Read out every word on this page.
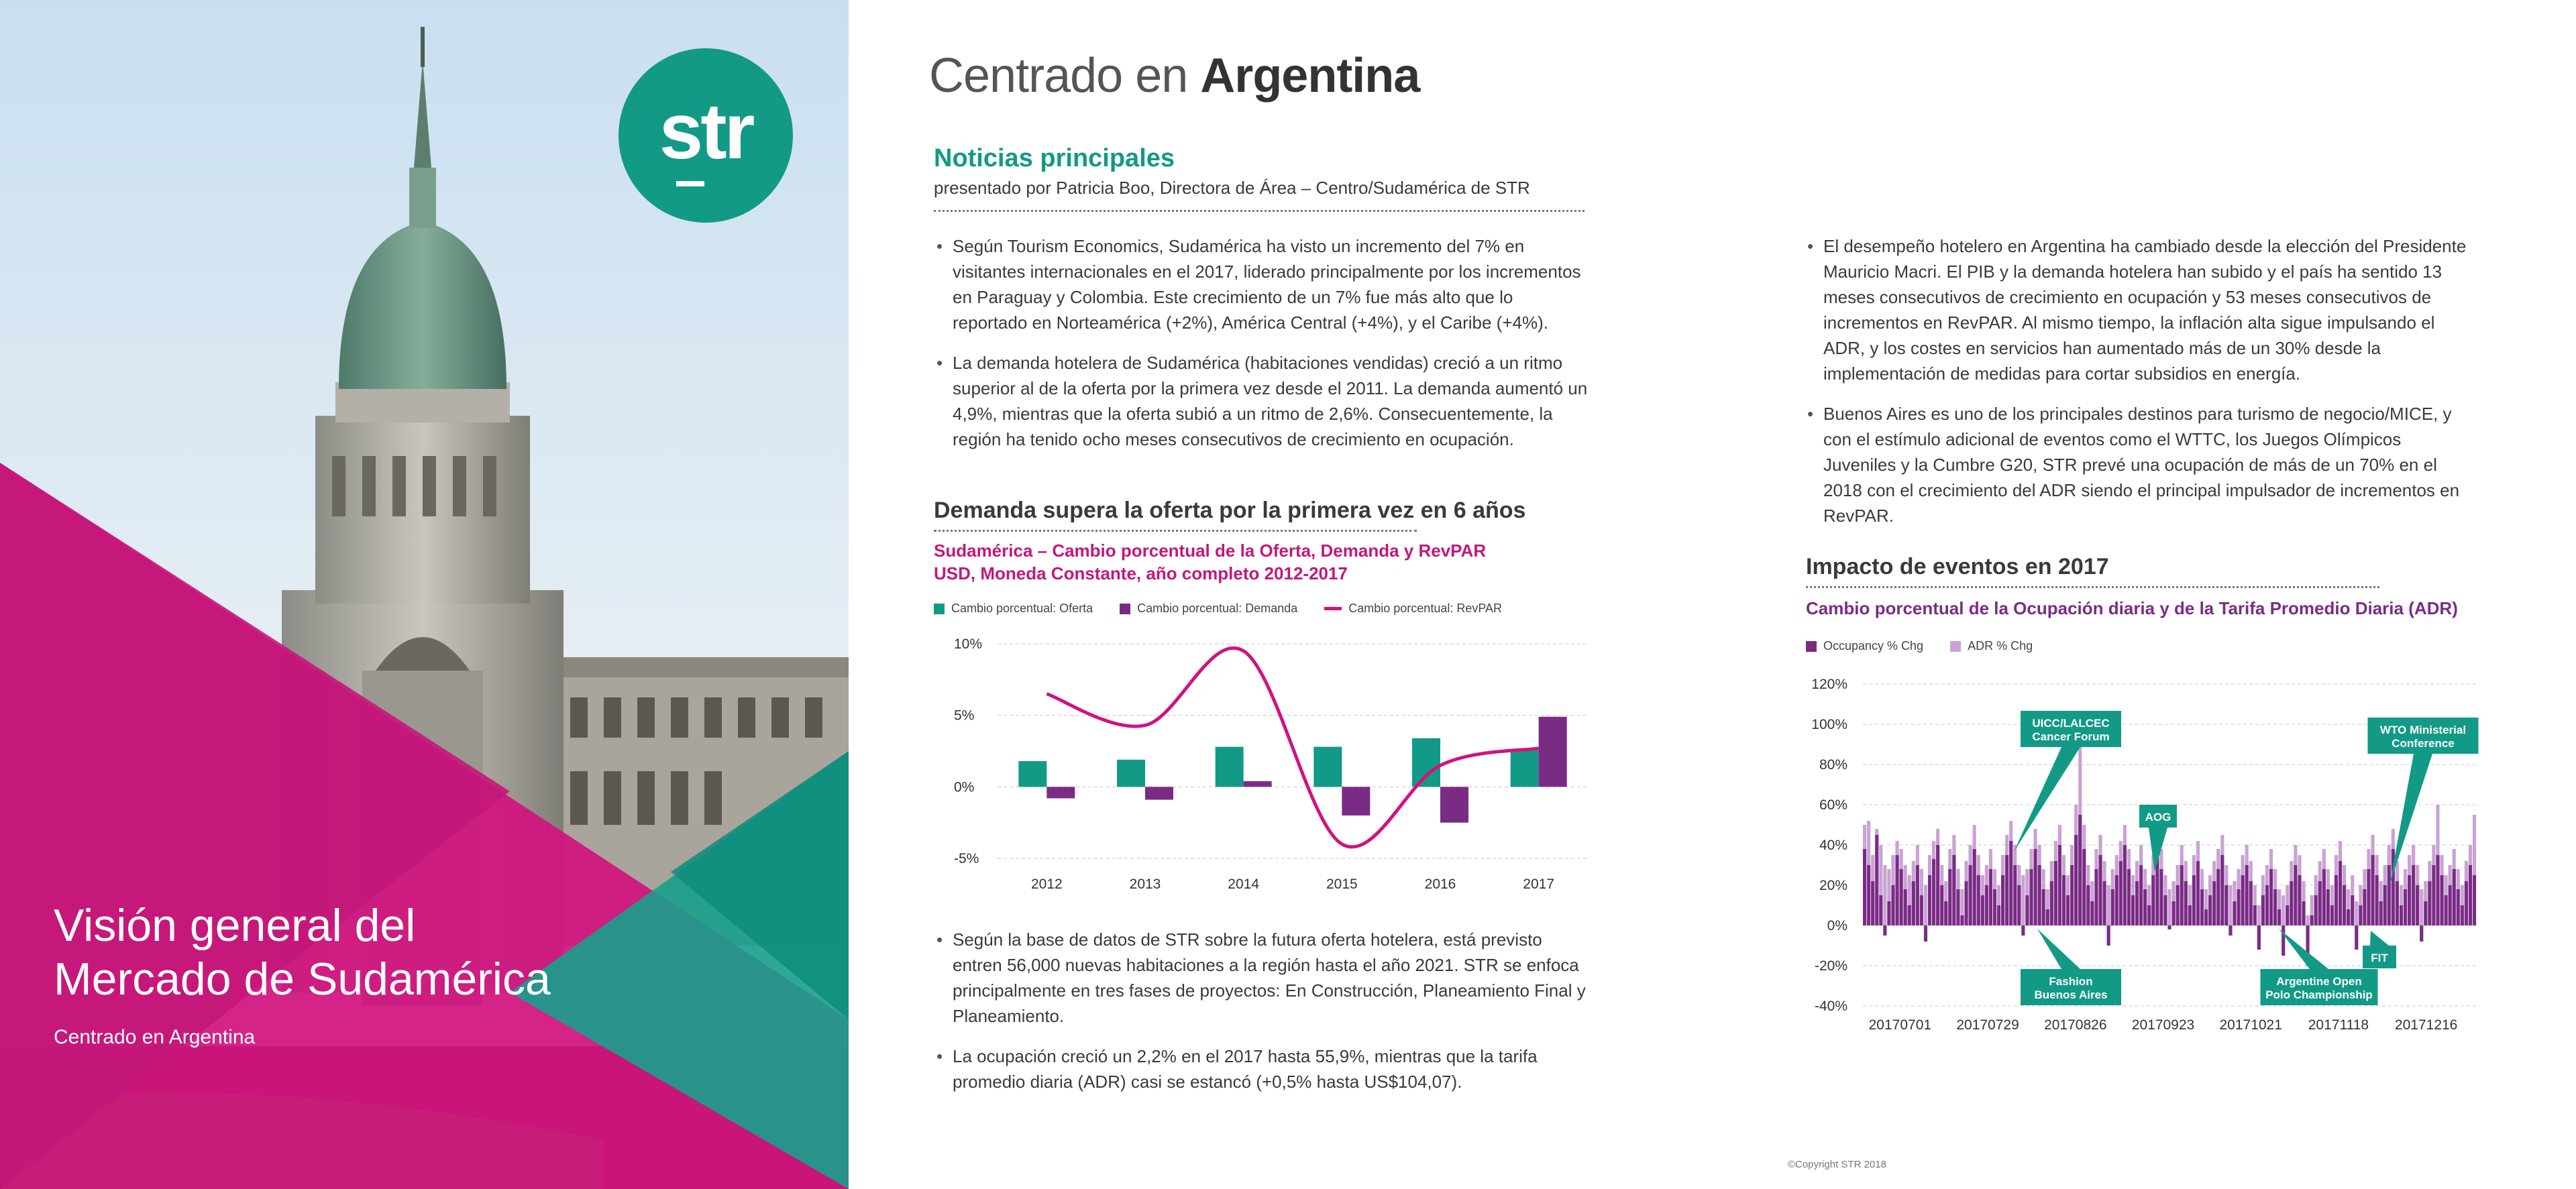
str
Visión general del
Mercado de Sudamérica
Centrado en Argentina
Centrado en Argentina
Noticias principales
presentado por Patricia Boo, Directora de Área – Centro/Sudamérica de STR
• Según Tourism Economics, Sudamérica ha visto un incremento del 7% en visitantes internacionales en el 2017, liderado principalmente por los incrementos en Paraguay y Colombia. Este crecimiento de un 7% fue más alto que lo reportado en Norteamérica (+2%), América Central (+4%), y el Caribe (+4%).
• La demanda hotelera de Sudamérica (habitaciones vendidas) creció a un ritmo superior al de la oferta por la primera vez desde el 2011. La demanda aumentó un 4,9%, mientras que la oferta subió a un ritmo de 2,6%. Consecuentemente, la región ha tenido ocho meses consecutivos de crecimiento en ocupación.
Demanda supera la oferta por la primera vez en 6 años
Sudamérica – Cambio porcentual de la Oferta, Demanda y RevPAR
USD, Moneda Constante, año completo 2012-2017
Cambio porcentual: Oferta	Cambio porcentual: Demanda	Cambio porcentual: RevPAR
10%
5%
0%
-5%
2012	2013	2014	2015	2016	2017
• Según la base de datos de STR sobre la futura oferta hotelera, está previsto entren 56,000 nuevas habitaciones a la región hasta el año 2021. STR se enfoca principalmente en tres fases de proyectos: En Construcción, Planeamiento Final y Planeamiento.
• La ocupación creció un 2,2% en el 2017 hasta 55,9%, mientras que la tarifa promedio diaria (ADR) casi se estancó (+0,5% hasta US$104,07).
• El desempeño hotelero en Argentina ha cambiado desde la elección del Presidente Mauricio Macri. El PIB y la demanda hotelera han subido y el país ha sentido 13 meses consecutivos de crecimiento en ocupación y 53 meses consecutivos de incrementos en RevPAR. Al mismo tiempo, la inflación alta sigue impulsando el ADR, y los costes en servicios han aumentado más de un 30% desde la implementación de medidas para cortar subsidios en energía.
• Buenos Aires es uno de los principales destinos para turismo de negocio/MICE, y con el estímulo adicional de eventos como el WTTC, los Juegos Olímpicos Juveniles y la Cumbre G20, STR prevé una ocupación de más de un 70% en el 2018 con el crecimiento del ADR siendo el principal impulsador de incrementos en RevPAR.
Impacto de eventos en 2017
Cambio porcentual de la Ocupación diaria y de la Tarifa Promedio Diaria (ADR)
Occupancy % Chg	ADR % Chg
120%
100%
80%
60%
40%
20%
0%
-20%
-40%
20170701 20170729 20170826 20170923 20171021 20171118 20171216
UICC/LALCEC
Cancer Forum
AOG
WTO Ministerial
Conference
Fashion
Buenos Aires
Argentine Open
Polo Championship
FIT
©Copyright STR 2018
